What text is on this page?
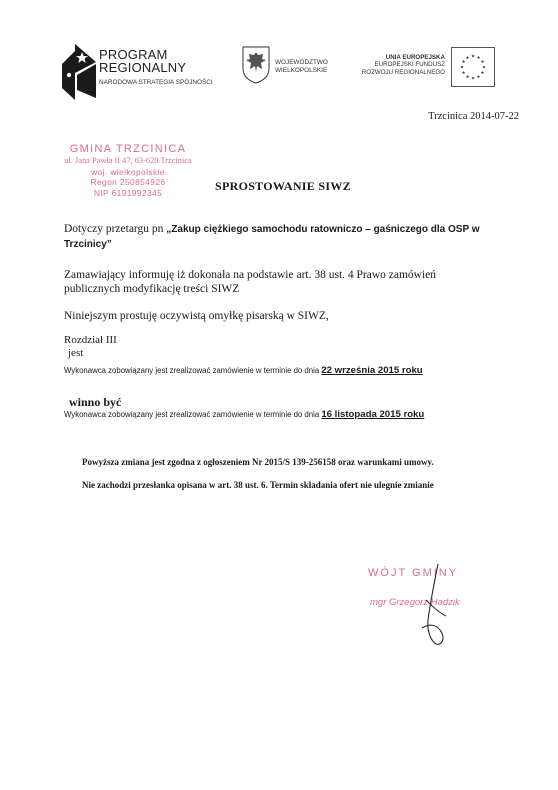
PROGRAM
REGIONALNY
NARODOWA STRATEGIA SPÓJNOŚCI
WOJEWÓDZTWO
WIELKOPOLSKIE
UNIA EUROPEJSKA
EUROPEJSKI FUNDUSZ
ROZWOJU REGIONALNEGO
★ ★
★
★
★
★
★
★
★
★
★
★
Trzcinica 2014-07-22
GMINA TRZCINICA
ul. Jana Pawła II 47, 63-620 Trzcinica
woj. wielkopolskie
Regon 250854926
NIP 6191992345	SPROSTOWANIE SIWZ
Dotyczy przetargu pn „Zakup ciężkiego samochodu ratowniczo – gaśniczego dla OSP w Trzcinicy”
Zamawiający informuję iż dokonała na podstawie art. 38 ust. 4 Prawo zamówień publicznych modyfikację treści SIWZ
Niniejszym prostuję oczywistą omyłkę pisarską w SIWZ,
Rozdział III
jest
Wykonawca zobowiązany jest zrealizować zamówienie w terminie do dnia 22 września 2015 roku
winno być
Wykonawca zobowiązany jest zrealizować zamówienie w terminie do dnia 16 listopada 2015 roku
Powyższa zmiana jest zgodna z ogłoszeniem Nr 2015/S 139-256158 oraz warunkami umowy.
Nie zachodzi przesłanka opisana w art. 38 ust. 6. Termin składania ofert nie ulegnie zmianie
WÓJT GMINY
mgr Grzegorz Hadzik
